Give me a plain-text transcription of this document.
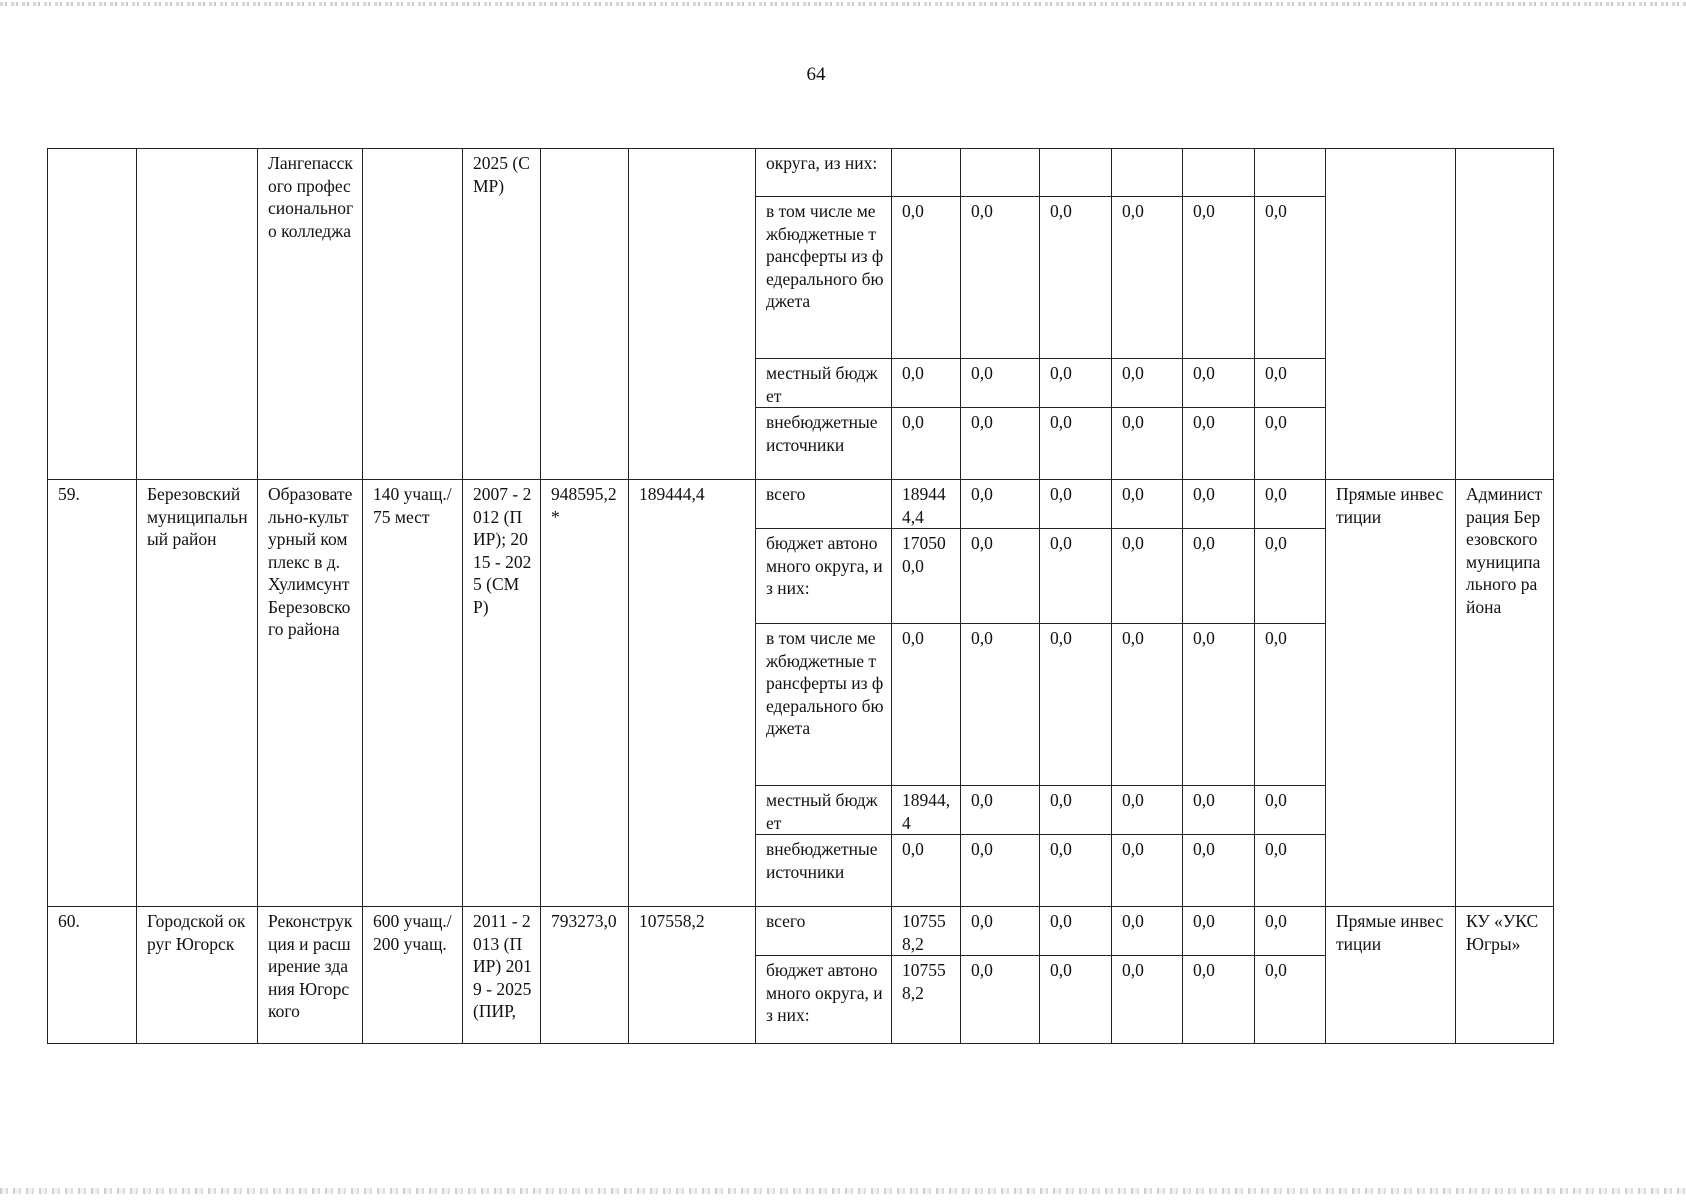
64
		Лангепасского профессионального колледжа		2025 (СМР)			округа, из них:								
							в том числе межбюджетные трансферты из федерального бюджета	0,0	0,0	0,0	0,0	0,0	0,0		
							местный бюджет	0,0	0,0	0,0	0,0	0,0	0,0		
							внебюджетные источники	0,0	0,0	0,0	0,0	0,0	0,0		
59.	Березовский муниципальный район	Образовательно-культурный комплекс в д. Хулимсунт Березовского района	140 учащ./75 мест	2007 - 2012 (ПИР); 2015 - 2025 (СМР)	948595,2*	189444,4	всего	189444,4	0,0	0,0	0,0	0,0	0,0	Прямые инвестиции	Администрация Березовского муниципального района
							бюджет автономного округа, из них:	170500,0	0,0	0,0	0,0	0,0	0,0		
							в том числе межбюджетные трансферты из федерального бюджета	0,0	0,0	0,0	0,0	0,0	0,0		
							местный бюджет	18944,4	0,0	0,0	0,0	0,0	0,0		
							внебюджетные источники	0,0	0,0	0,0	0,0	0,0	0,0		
60.	Городской округ Югорск	Реконструкция и расширение здания Югорского	600 учащ./ 200 учащ.	2011 - 2013 (ПИР) 2019 - 2025 (ПИР,	793273,0	107558,2	всего	107558,2	0,0	0,0	0,0	0,0	0,0	Прямые инвестиции	КУ «УКС Югры»
							бюджет автономного округа, из них:	107558,2	0,0	0,0	0,0	0,0	0,0		
